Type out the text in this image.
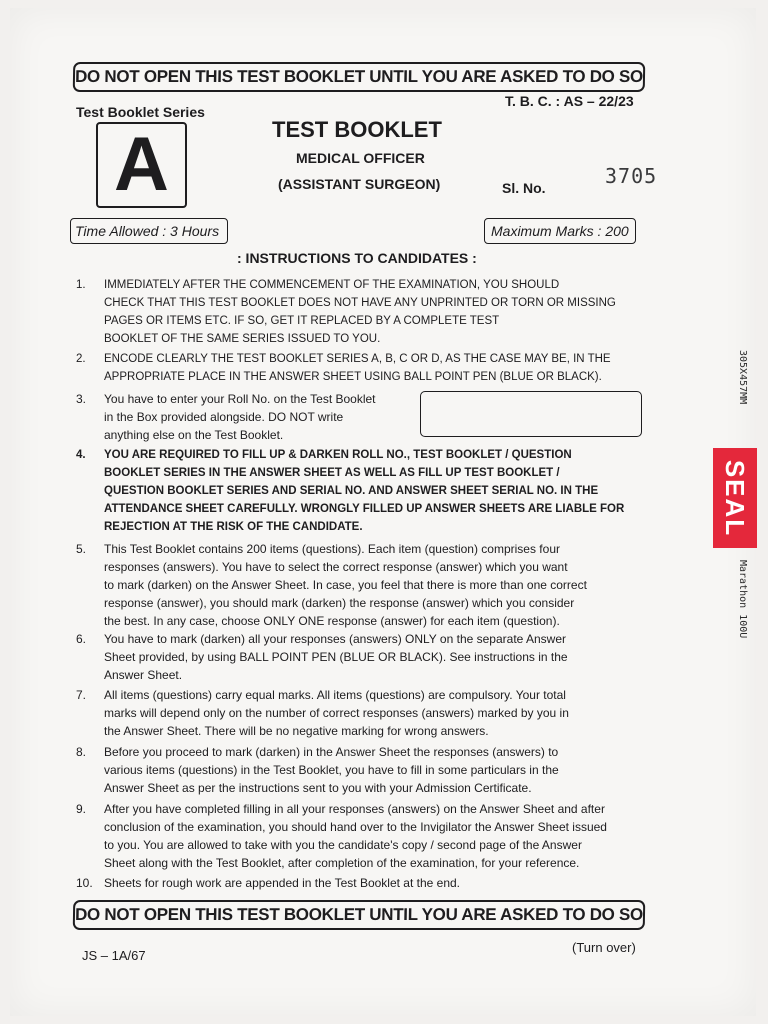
DO NOT OPEN THIS TEST BOOKLET UNTIL YOU ARE ASKED TO DO SO
Test Booklet Series
A
T. B. C. : AS – 22/23
TEST BOOKLET
MEDICAL OFFICER
(ASSISTANT SURGEON)	Sl. No.	3705
Time Allowed : 3 Hours	Maximum Marks : 200
: INSTRUCTIONS TO CANDIDATES :
1. IMMEDIATELY AFTER THE COMMENCEMENT OF THE EXAMINATION, YOU SHOULD
CHECK THAT THIS TEST BOOKLET DOES NOT HAVE ANY UNPRINTED OR TORN OR MISSING
PAGES OR ITEMS ETC. IF SO, GET IT REPLACED BY A COMPLETE TEST
BOOKLET OF THE SAME SERIES ISSUED TO YOU.
2. ENCODE CLEARLY THE TEST BOOKLET SERIES A, B, C OR D, AS THE CASE MAY BE, IN THE
APPROPRIATE PLACE IN THE ANSWER SHEET USING BALL POINT PEN (BLUE OR BLACK).
3. You have to enter your Roll No. on the Test Booklet
in the Box provided alongside. DO NOT write
anything else on the Test Booklet.
4. YOU ARE REQUIRED TO FILL UP & DARKEN ROLL NO., TEST BOOKLET / QUESTION
BOOKLET SERIES IN THE ANSWER SHEET AS WELL AS FILL UP TEST BOOKLET /
QUESTION BOOKLET SERIES AND SERIAL NO. AND ANSWER SHEET SERIAL NO. IN THE
ATTENDANCE SHEET CAREFULLY. WRONGLY FILLED UP ANSWER SHEETS ARE LIABLE FOR
REJECTION AT THE RISK OF THE CANDIDATE.
5. This Test Booklet contains 200 items (questions). Each item (question) comprises four
responses (answers). You have to select the correct response (answer) which you want
to mark (darken) on the Answer Sheet. In case, you feel that there is more than one correct
response (answer), you should mark (darken) the response (answer) which you consider
the best. In any case, choose ONLY ONE response (answer) for each item (question).
6. You have to mark (darken) all your responses (answers) ONLY on the separate Answer
Sheet provided, by using BALL POINT PEN (BLUE OR BLACK). See instructions in the
Answer Sheet.
7. All items (questions) carry equal marks. All items (questions) are compulsory. Your total
marks will depend only on the number of correct responses (answers) marked by you in
the Answer Sheet. There will be no negative marking for wrong answers.
8. Before you proceed to mark (darken) in the Answer Sheet the responses (answers) to
various items (questions) in the Test Booklet, you have to fill in some particulars in the
Answer Sheet as per the instructions sent to you with your Admission Certificate.
9. After you have completed filling in all your responses (answers) on the Answer Sheet and after
conclusion of the examination, you should hand over to the Invigilator the Answer Sheet issued
to you. You are allowed to take with you the candidate's copy / second page of the Answer
Sheet along with the Test Booklet, after completion of the examination, for your reference.
10. Sheets for rough work are appended in the Test Booklet at the end.
SEAL
305X457MM
Marathon 100U
DO NOT OPEN THIS TEST BOOKLET UNTIL YOU ARE ASKED TO DO SO
JS – 1A/67
(Turn over)
